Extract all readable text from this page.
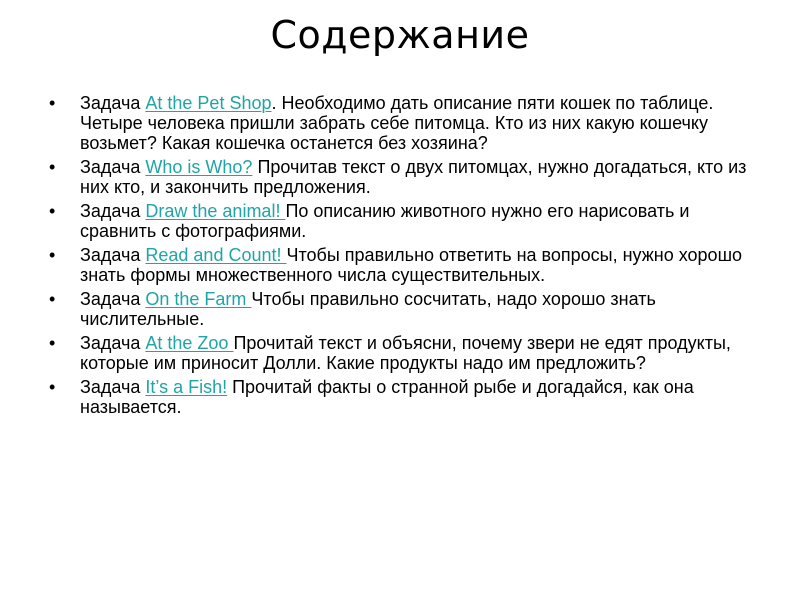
Содержание
• Задача At the Pet Shop. Необходимо дать описание пяти кошек по таблице. Четыре человека пришли забрать себе питомца. Кто из них какую кошечку возьмет? Какая кошечка останется без хозяина?
• Задача Who is Who? Прочитав текст о двух питомцах, нужно догадаться, кто из них кто, и закончить предложения.
• Задача Draw the animal! По описанию животного нужно его нарисовать и сравнить с фотографиями.
• Задача Read and Count! Чтобы правильно ответить на вопросы, нужно хорошо знать формы множественного числа существительных.
• Задача On the Farm Чтобы правильно сосчитать, надо хорошо знать числительные.
• Задача At the Zoo Прочитай текст и объясни, почему звери не едят продукты, которые им приносит Долли. Какие продукты надо им предложить?
• Задача It’s a Fish! Прочитай факты о странной рыбе и догадайся, как она называется.
